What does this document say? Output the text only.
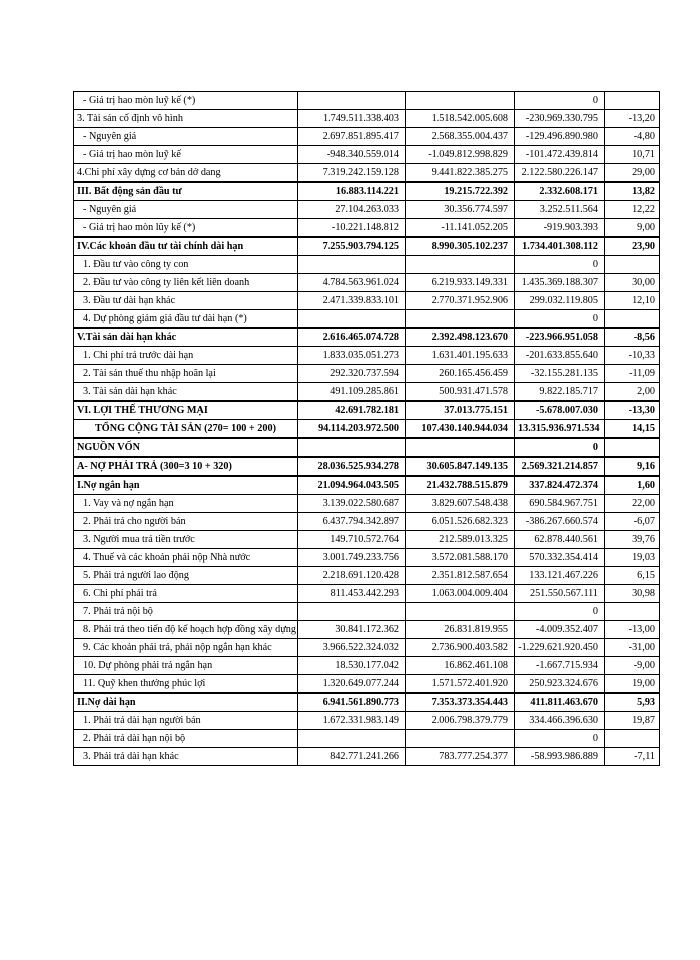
- Giá trị hao mòn luỹ kế (*)			0	
3. Tài sản cố định vô hình	1.749.511.338.403	1.518.542.005.608	-230.969.330.795	-13,20
- Nguyên giá	2.697.851.895.417	2.568.355.004.437	-129.496.890.980	-4,80
- Giá trị hao mòn luỹ kế	-948.340.559.014	-1.049.812.998.829	-101.472.439.814	10,71
4.Chi phí xây dựng cơ bản dở dang	7.319.242.159.128	9.441.822.385.275	2.122.580.226.147	29,00
III. Bất động sản đầu tư	16.883.114.221	19.215.722.392	2.332.608.171	13,82
- Nguyên giá	27.104.263.033	30.356.774.597	3.252.511.564	12,22
- Giá trị hao mòn lũy kế (*)	-10.221.148.812	-11.141.052.205	-919.903.393	9,00
IV.Các khoản đầu tư tài chính dài hạn	7.255.903.794.125	8.990.305.102.237	1.734.401.308.112	23,90
1. Đầu tư vào công ty con			0	
2. Đầu tư vào công ty liên kết liên doanh	4.784.563.961.024	6.219.933.149.331	1.435.369.188.307	30,00
3. Đầu tư dài hạn khác	2.471.339.833.101	2.770.371.952.906	299.032.119.805	12,10
4. Dự phòng giảm giá đầu tư dài hạn (*)			0	
V.Tài sản dài hạn khác	2.616.465.074.728	2.392.498.123.670	-223.966.951.058	-8,56
1. Chi phí trả trước dài hạn	1.833.035.051.273	1.631.401.195.633	-201.633.855.640	-10,33
2. Tài sản thuế thu nhập hoãn lại	292.320.737.594	260.165.456.459	-32.155.281.135	-11,09
3. Tài sản dài hạn khác	491.109.285.861	500.931.471.578	9.822.185.717	2,00
VI. LỢI THẾ THƯƠNG MẠI	42.691.782.181	37.013.775.151	-5.678.007.030	-13,30
TỔNG CỘNG TÀI SẢN (270= 100 + 200)	94.114.203.972.500	107.430.140.944.034	13.315.936.971.534	14,15
NGUỒN VỐN			0	
A- NỢ PHẢI TRẢ (300=3 10 + 320)	28.036.525.934.278	30.605.847.149.135	2.569.321.214.857	9,16
I.Nợ ngắn hạn	21.094.964.043.505	21.432.788.515.879	337.824.472.374	1,60
1. Vay và nợ ngắn hạn	3.139.022.580.687	3.829.607.548.438	690.584.967.751	22,00
2. Phải trả cho người bán	6.437.794.342.897	6.051.526.682.323	-386.267.660.574	-6,07
3. Người mua trả tiền trước	149.710.572.764	212.589.013.325	62.878.440.561	39,76
4. Thuế và các khoản phải nộp Nhà nước	3.001.749.233.756	3.572.081.588.170	570.332.354.414	19,03
5. Phải trả người lao động	2.218.691.120.428	2.351.812.587.654	133.121.467.226	6,15
6. Chi phí phải trả	811.453.442.293	1.063.004.009.404	251.550.567.111	30,98
7. Phải trả nội bộ			0	
8. Phải trả theo tiến độ kế hoạch hợp đồng xây dựng	30.841.172.362	26.831.819.955	-4.009.352.407	-13,00
9. Các khoản phải trả, phải nộp ngắn hạn khác	3.966.522.324.032	2.736.900.403.582	-1.229.621.920.450	-31,00
10. Dự phòng phải trả ngắn hạn	18.530.177.042	16.862.461.108	-1.667.715.934	-9,00
11. Quỹ khen thưởng phúc lợi	1.320.649.077.244	1.571.572.401.920	250.923.324.676	19,00
II.Nợ dài hạn	6.941.561.890.773	7.353.373.354.443	411.811.463.670	5,93
1. Phải trả dài hạn người bán	1.672.331.983.149	2.006.798.379.779	334.466.396.630	19,87
2. Phải trả dài hạn nội bộ			0	
3. Phải trả dài hạn khác	842.771.241.266	783.777.254.377	-58.993.986.889	-7,11
